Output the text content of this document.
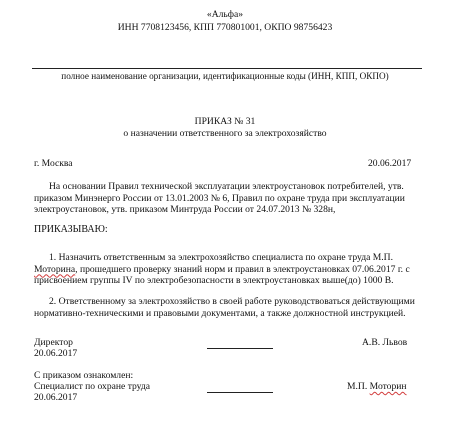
«Альфа»
ИНН 7708123456, КПП 770801001, ОКПО 98756423
полное наименование организации, идентификационные коды (ИНН, КПП, ОКПО)
ПРИКАЗ № 31
о назначении ответственного за электрохозяйство
г. Москва	20.06.2017
На основании Правил технической эксплуатации электроустановок потребителей, утв.
приказом Минэнерго России от 13.01.2003 № 6, Правил по охране труда при эксплуатации
электроустановок, утв. приказом Минтруда России от 24.07.2013 № 328н,
ПРИКАЗЫВАЮ:
1. Назначить ответственным за электрохозяйство специалиста по охране труда М.П.
Моторина, прошедшего проверку знаний норм и правил в электроустановках 07.06.2017 г. с
присвоением группы IV по электробезопасности в электроустановках выше(до) 1000 В.
2. Ответственному за электрохозяйство в своей работе руководствоваться действующими
нормативно-техническими и правовыми документами, а также должностной инструкцией.
Директор
20.06.2017
А.В. Львов
С приказом ознакомлен:
Специалист по охране труда
20.06.2017
М.П. Моторин
